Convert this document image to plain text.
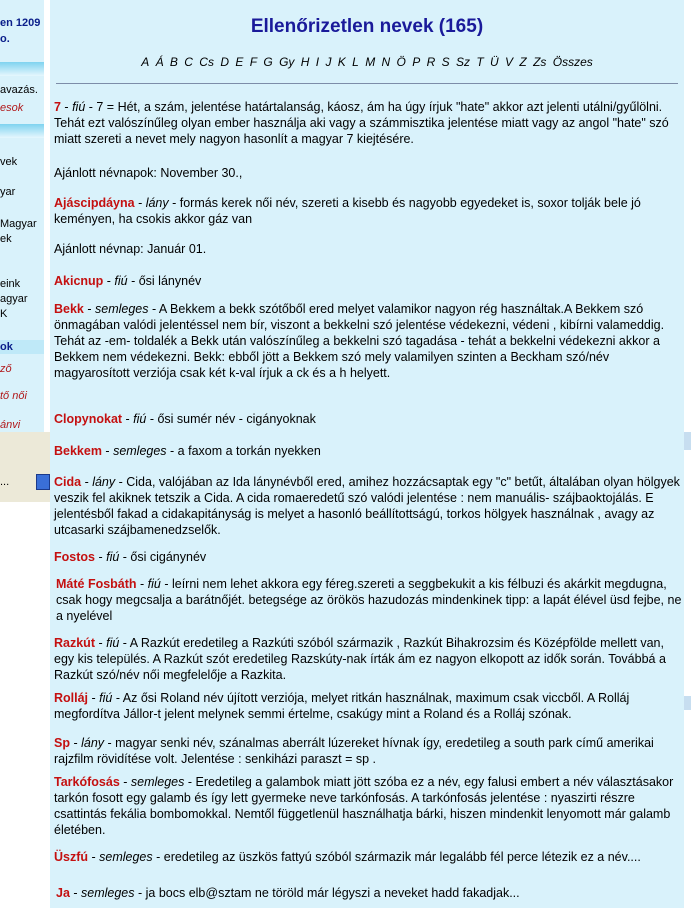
en 1209
o.
avazás.
esok
vek
yar
Magyar
ek
eink
agyar
K
ok
ző
tő női
ánvi
...
Ellenőrizetlen nevek (165)
A Á B C Cs D E F G Gy H I J K L M N Ö P R S Sz T Ü V Z Zs Összes
7 - fiú - 7 = Hét, a szám, jelentése határtalanság, káosz, ám ha úgy írjuk "hate" akkor azt jelenti utálni/gyűlölni. Tehát ezt valószínűleg olyan ember használja aki vagy a számmisztika jelentése miatt vagy az angol "hate" szó miatt szereti a nevet mely nagyon hasonlít a magyar 7 kiejtésére.
Ajánlott névnapok: November 30.,
Ajáscipdáyna - lány - formás kerek női név, szereti a kisebb és nagyobb egyedeket is, soxor tolják bele jó keményen, ha csokis akkor gáz van
Ajánlott névnap: Január 01.
Akicnup - fiú - ősi lánynév
Bekk - semleges - A Bekkem a bekk szótőből ered melyet valamikor nagyon rég használtak.A Bekkem szó önmagában valódi jelentéssel nem bír, viszont a bekkelni szó jelentése védekezni, védeni , kibírni valameddig. Tehát az -em- toldalék a Bekk után valószínűleg a bekkelni szó tagadása - tehát a bekkelni védekezni akkor a Bekkem nem védekezni. Bekk: ebből jött a Bekkem szó mely valamilyen szinten a Beckham szó/név magyarosított verziója csak két k-val írjuk a ck és a h helyett.
Clopynokat - fiú - ősi sumér név - cigányoknak
Bekkem - semleges - a faxom a torkán nyekken
Cida - lány - Cida, valójában az Ida lánynévből ered, amihez hozzácsaptak egy "c" betűt, általában olyan hölgyek veszik fel akiknek tetszik a Cida. A cida romaeredetű szó valódi jelentése : nem manuális- szájbaoktojálás. E jelentésből fakad a cidakapitányság is melyet a hasonló beállítottságú, torkos hölgyek használnak , avagy az utcasarki szájbamenedzselők.
Fostos - fiú - ősi cigánynév
Máté Fosbáth - fiú - leírni nem lehet akkora egy féreg.szereti a seggbekukit a kis félbuzi és akárkit megdugna, csak hogy megcsalja a barátnőjét. betegsége az örökös hazudozás mindenkinek tipp: a lapát élével üsd fejbe, ne a nyelével
Razkút - fiú - A Razkút eredetileg a Razkúti szóból származik , Razkút Bihakrozsim és Középfölde mellett van, egy kis település. A Razkút szót eredetileg Razskúty-nak írták ám ez nagyon elkopott az idők során. Továbbá a Razkút szó/név női megfelelője a Razkita.
Rolláj - fiú - Az ősi Roland név újított verziója, melyet ritkán használnak, maximum csak viccből. A Rolláj megfordítva Jállor-t jelent melynek semmi értelme, csakúgy mint a Roland és a Rolláj szónak.
Sp - lány - magyar senki név, szánalmas aberrált lúzereket hívnak így, eredetileg a south park című amerikai rajzfilm rövidítése volt. Jelentése : senkiházi paraszt = sp .
Tarkófosás - semleges - Eredetileg a galambok miatt jött szóba ez a név, egy falusi embert a név választásakor tarkón fosott egy galamb és így lett gyermeke neve tarkónfosás. A tarkónfosás jelentése : nyaszirti részre csattintás fekália bombomokkal. Nemtől függetlenül használhatja bárki, hiszen mindenkit lenyomott már galamb életében.
Üszfú - semleges - eredetileg az üszkös fattyú szóból származik már legalább fél perce létezik ez a név....
Ja - semleges - ja bocs elb@sztam ne töröld már légyszi a neveket hadd fakadjak...
